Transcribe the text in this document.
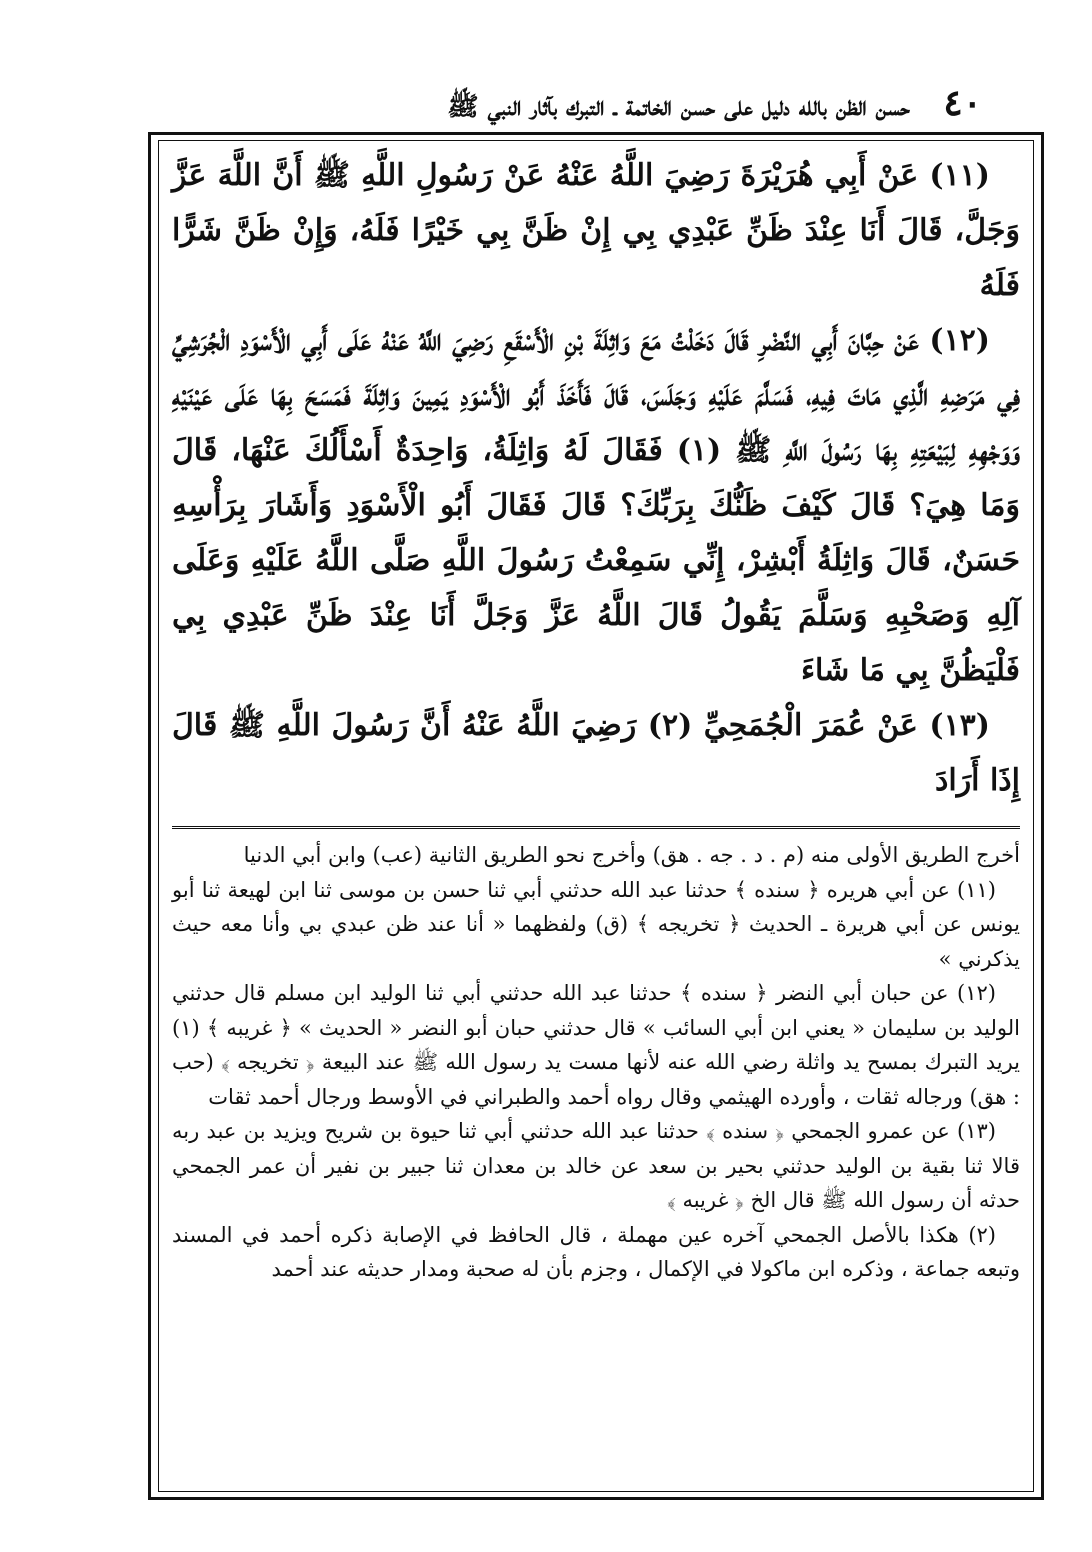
٤٠
حسن الظن بالله دليل على حسن الخاتمة ـ التبرك بآثار النبي ﷺ

(١١) عَنْ أَبِي هُرَيْرَةَ رَضِيَ اللَّهُ عَنْهُ عَنْ رَسُولِ اللَّهِ ﷺ أَنَّ اللَّهَ عَزَّ وَجَلَّ، قَالَ أَنَا عِنْدَ ظَنِّ عَبْدِي بِي إِنْ ظَنَّ بِي خَيْرًا فَلَهُ، وَإِنْ ظَنَّ شَرًّا فَلَهُ

(١٢) عَنْ حِبَّانَ أَبِي النَّضْرِ قَالَ دَخَلْتُ مَعَ وَاثِلَةَ بْنِ الْأَسْقَعِ رَضِيَ اللَّهُ عَنْهُ عَلَى أَبِي الْأَسْوَدِ الْجُرَشِيِّ فِي مَرَضِهِ الَّذِي مَاتَ فِيهِ، فَسَلَّمَ عَلَيْهِ وَجَلَسَ، قَالَ فَأَخَذَ أَبُو الْأَسْوَدِ يَمِينَ وَاثِلَةَ فَمَسَحَ بِهَا عَلَى عَيْنَيْهِ وَوَجْهِهِ لِبَيْعَتِهِ بِهَا رَسُولَ اللَّهِ ﷺ (١) فَقَالَ لَهُ وَاثِلَةُ، وَاحِدَةٌ أَسْأَلُكَ عَنْهَا، قَالَ وَمَا هِيَ؟ قَالَ كَيْفَ ظَنُّكَ بِرَبِّكَ؟ قَالَ فَقَالَ أَبُو الْأَسْوَدِ وَأَشَارَ بِرَأْسِهِ حَسَنٌ، قَالَ وَاثِلَةُ أَبْشِرْ، إِنِّي سَمِعْتُ رَسُولَ اللَّهِ صَلَّى اللَّهُ عَلَيْهِ وَعَلَى آلِهِ وَصَحْبِهِ وَسَلَّمَ يَقُولُ قَالَ اللَّهُ عَزَّ وَجَلَّ أَنَا عِنْدَ ظَنِّ عَبْدِي بِي فَلْيَظُنَّ بِي مَا شَاءَ

(١٣) عَنْ عُمَرَ الْجُمَحِيِّ (٢) رَضِيَ اللَّهُ عَنْهُ أَنَّ رَسُولَ اللَّهِ ﷺ قَالَ إِذَا أَرَادَ

أخرج الطريق الأولى منه (م . د . جه . هق) وأخرج نحو الطريق الثانية (عب) وابن أبي الدنيا

(١١) عن أبي هريره ﴿ سنده ﴾ حدثنا عبد الله حدثني أبي ثنا حسن بن موسى ثنا ابن لهيعة ثنا أبو يونس عن أبي هريرة ـ الحديث ﴿ تخريجه ﴾ (ق) ولفظهما « أنا عند ظن عبدي بي وأنا معه حيث يذكرني »

(١٢) عن حبان أبي النضر ﴿ سنده ﴾ حدثنا عبد الله حدثني أبي ثنا الوليد ابن مسلم قال حدثني الوليد بن سليمان « يعني ابن أبي السائب » قال حدثني حبان أبو النضر « الحديث » ﴿ غريبه ﴾ (١) يريد التبرك بمسح يد واثلة رضي الله عنه لأنها مست يد رسول الله ﷺ عند البيعة ﴿ تخريجه ﴾ (حب : هق) ورجاله ثقات ، وأورده الهيثمي وقال رواه أحمد والطبراني في الأوسط ورجال أحمد ثقات

(١٣) عن عمرو الجمحي ﴿ سنده ﴾ حدثنا عبد الله حدثني أبي ثنا حيوة بن شريح ويزيد بن عبد ربه قالا ثنا بقية بن الوليد حدثني بحير بن سعد عن خالد بن معدان ثنا جبير بن نفير أن عمر الجمحي حدثه أن رسول الله ﷺ قال الخ ﴿ غريبه ﴾

(٢) هكذا بالأصل الجمحي آخره عين مهملة ، قال الحافظ في الإصابة ذكره أحمد في المسند وتبعه جماعة ، وذكره ابن ماكولا في الإكمال ، وجزم بأن له صحبة ومدار حديثه عند أحمد
